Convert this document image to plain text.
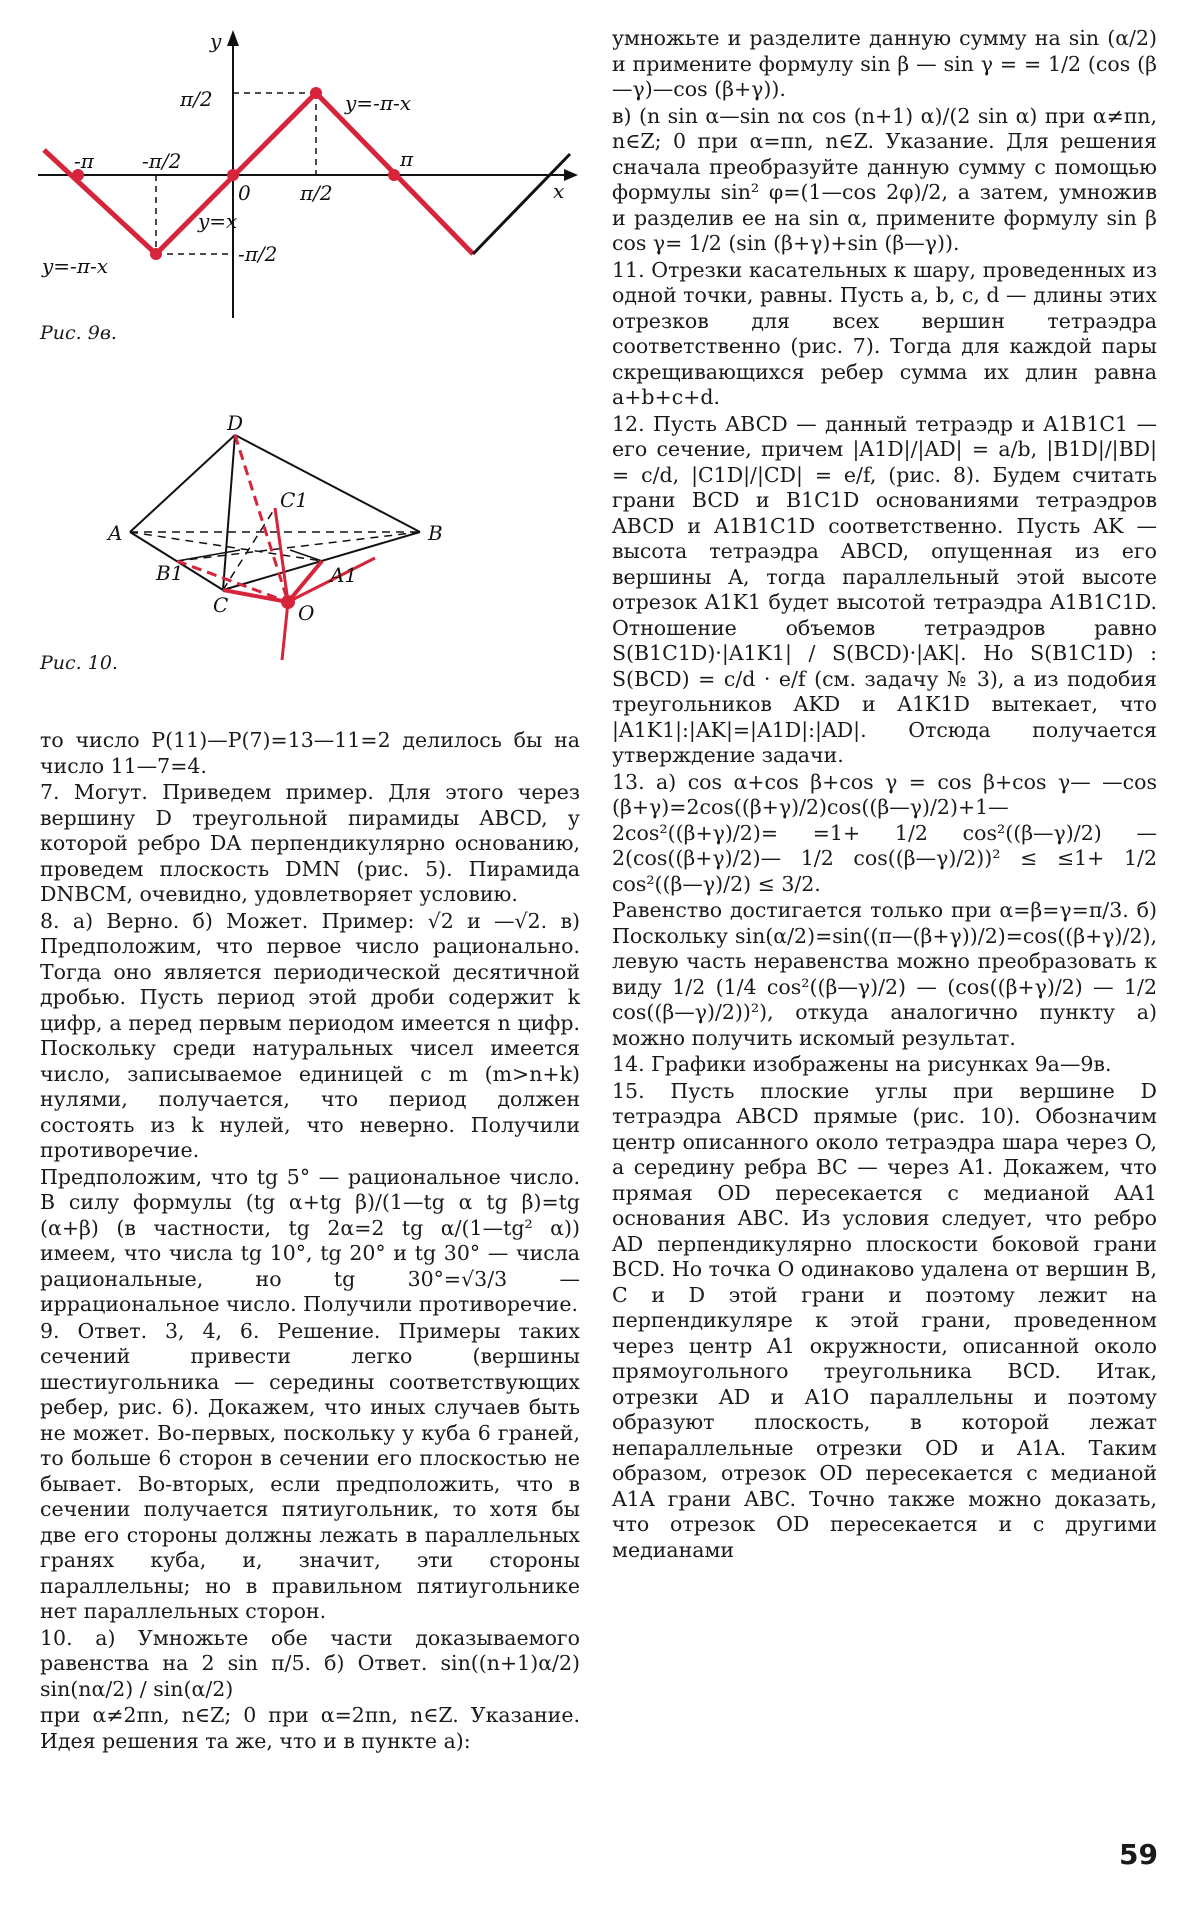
y
x
π/2
-π/2
-π -π/2
0 π/2
π
y=-π-x
y=x
y=-π-x
Рис. 9в.
D
A	B
C
C1
B1	A1
O
Рис. 10.

то число P(11)—P(7)=13—11=2 делилось бы на число 11—7=4.

7. Могут. Приведем пример. Для этого через вершину D треугольной пирамиды ABCD, у которой ребро DA перпендикулярно основанию, проведем плоскость DMN (рис. 5). Пирамида DNBCM, очевидно, удовлетворяет условию.

8. а) Верно. б) Может. Пример: √2 и —√2. в) Предположим, что первое число рационально. Тогда оно является периодической десятичной дробью. Пусть период этой дроби содержит k цифр, а перед первым периодом имеется n цифр. Поскольку среди натуральных чисел имеется число, записываемое единицей с m (m>n+k) нулями, получается, что период должен состоять из k нулей, что неверно. Получили противоречие.

Предположим, что tg 5° — рациональное число. В силу формулы (tg α+tg β)/(1—tg α tg β)=tg (α+β) (в частности, tg 2α=2 tg α/(1—tg² α)) имеем, что числа tg 10°, tg 20° и tg 30° — числа рациональные, но tg 30°=√3/3 — иррациональное число. Получили противоречие.

9. Ответ. 3, 4, 6. Решение. Примеры таких сечений привести легко (вершины шестиугольника — середины соответствующих ребер, рис. 6). Докажем, что иных случаев быть не может. Во-первых, поскольку у куба 6 граней, то больше 6 сторон в сечении его плоскостью не бывает. Во-вторых, если предположить, что в сечении получается пятиугольник, то хотя бы две его стороны должны лежать в параллельных гранях куба, и, значит, эти стороны параллельны; но в правильном пятиугольнике нет параллельных сторон.

10. а) Умножьте обе части доказываемого равенства на 2 sin π/5. б) Ответ. sin((n+1)α/2) sin(nα/2) / sin(α/2)

при α≠2πn, n∈Z; 0 при α=2πn, n∈Z. Указание. Идея решения та же, что и в пункте а):

умножьте и разделите данную сумму на sin (α/2) и примените формулу sin β — sin γ = = 1/2 (cos (β—γ)—cos (β+γ)).

в) (n sin α—sin nα cos (n+1) α)/(2 sin α) при α≠πn, n∈Z; 0 при α=πn, n∈Z. Указание. Для решения сначала преобразуйте данную сумму с помощью формулы sin² φ=(1—cos 2φ)/2, а затем, умножив и разделив ее на sin α, примените формулу sin β cos γ= 1/2 (sin (β+γ)+sin (β—γ)).

11. Отрезки касательных к шару, проведенных из одной точки, равны. Пусть a, b, c, d — длины этих отрезков для всех вершин тетраэдра соответственно (рис. 7). Тогда для каждой пары скрещивающихся ребер сумма их длин равна a+b+c+d.

12. Пусть ABCD — данный тетраэдр и A1B1C1 — его сечение, причем |A1D|/|AD| = a/b, |B1D|/|BD| = c/d, |C1D|/|CD| = e/f, (рис. 8). Будем считать грани BCD и B1C1D основаниями тетраэдров ABCD и A1B1C1D соответственно. Пусть AK — высота тетраэдра ABCD, опущенная из его вершины A, тогда параллельный этой высоте отрезок A1K1 будет высотой тетраэдра A1B1C1D. Отношение объемов тетраэдров равно S(B1C1D)·|A1K1| / S(BCD)·|AK|. Но S(B1C1D) : S(BCD) = c/d · e/f (см. задачу № 3), а из подобия треугольников AKD и A1K1D вытекает, что |A1K1|:|AK|=|A1D|:|AD|. Отсюда получается утверждение задачи.

13. а) cos α+cos β+cos γ = cos β+cos γ— —cos (β+γ)=2cos((β+γ)/2)cos((β—γ)/2)+1—2cos²((β+γ)/2)= =1+ 1/2 cos²((β—γ)/2) —2(cos((β+γ)/2)— 1/2 cos((β—γ)/2))² ≤ ≤1+ 1/2 cos²((β—γ)/2) ≤ 3/2.

Равенство достигается только при α=β=γ=π/3. б) Поскольку sin(α/2)=sin((π—(β+γ))/2)=cos((β+γ)/2), левую часть неравенства можно преобразовать к виду 1/2 (1/4 cos²((β—γ)/2) — (cos((β+γ)/2) — 1/2 cos((β—γ)/2))²), откуда аналогично пункту а) можно получить искомый результат.

14. Графики изображены на рисунках 9а—9в.

15. Пусть плоские углы при вершине D тетраэдра ABCD прямые (рис. 10). Обозначим центр описанного около тетраэдра шара через O, а середину ребра BC — через A1. Докажем, что прямая OD пересекается с медианой AA1 основания ABC. Из условия следует, что ребро AD перпендикулярно плоскости боковой грани BCD. Но точка O одинаково удалена от вершин B, C и D этой грани и поэтому лежит на перпендикуляре к этой грани, проведенном через центр A1 окружности, описанной около прямоугольного треугольника BCD. Итак, отрезки AD и A1O параллельны и поэтому образуют плоскость, в которой лежат непараллельные отрезки OD и A1A. Таким образом, отрезок OD пересекается с медианой A1A грани ABC. Точно также можно доказать, что отрезок OD пересекается и с другими медианами

59
